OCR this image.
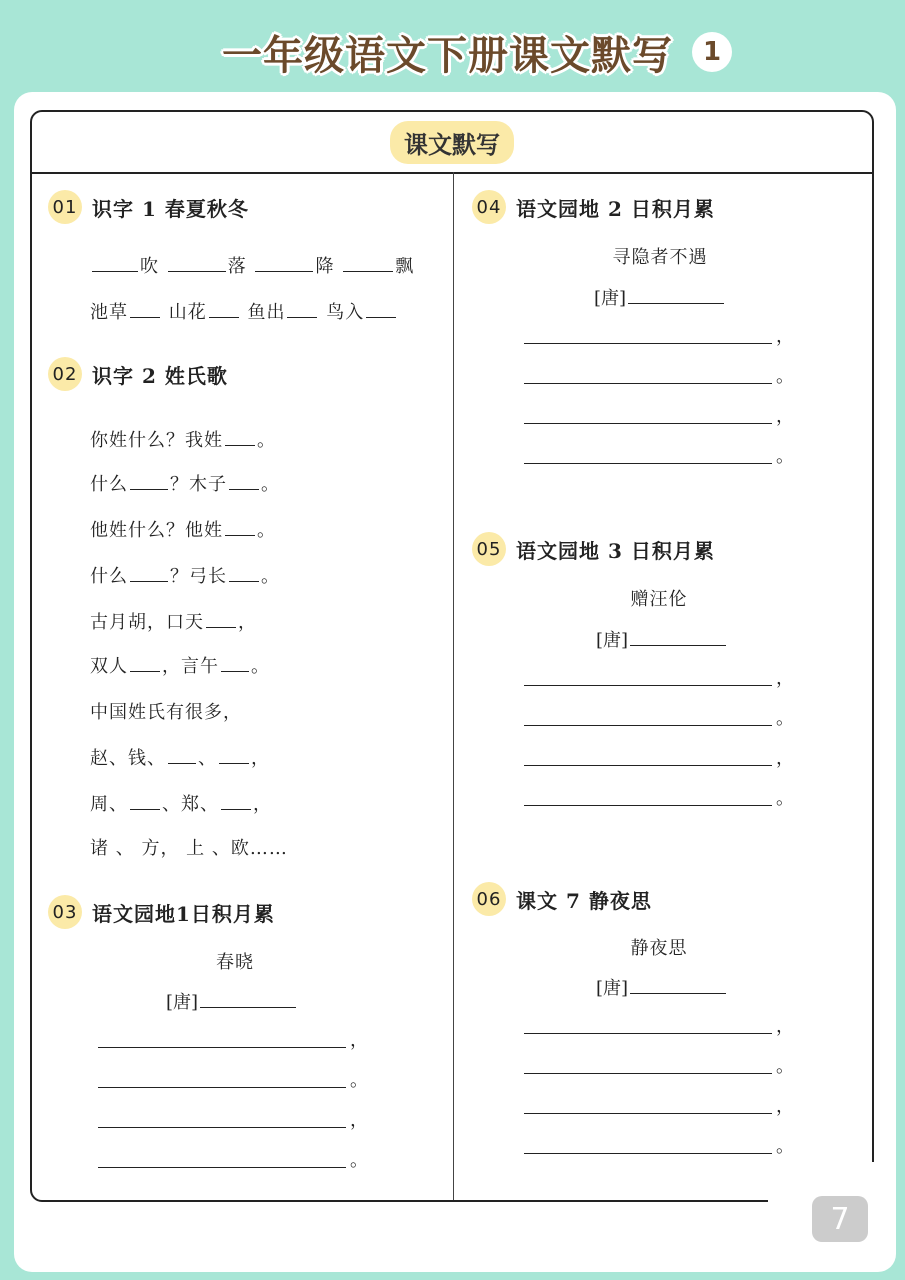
一年级语文下册课文默写	1
课文默写
01 识字 1 春夏秋冬
吹	落	降	飘
池草 山花 鱼出 鸟入
02 识字 2 姓氏歌
你姓什么？我姓 。
什么 ？木子 。
他姓什么？他姓 。
什么 ？弓长 。
古月胡，口天 ，
双人 ，言午 。
中国姓氏有很多，
赵、钱、 、 ，
周、 、郑、 ，
诸 、 方， 上 、欧……
03 语文园地1日积月累
春晓
[唐]
，
。
，
。
04 语文园地 2 日积月累
寻隐者不遇
[唐]
，
。
，
。
05 语文园地 3 日积月累
赠汪伦
[唐]
，
。
，
。
06 课文 7 静夜思
静夜思
[唐]
，
。
，
。
7
